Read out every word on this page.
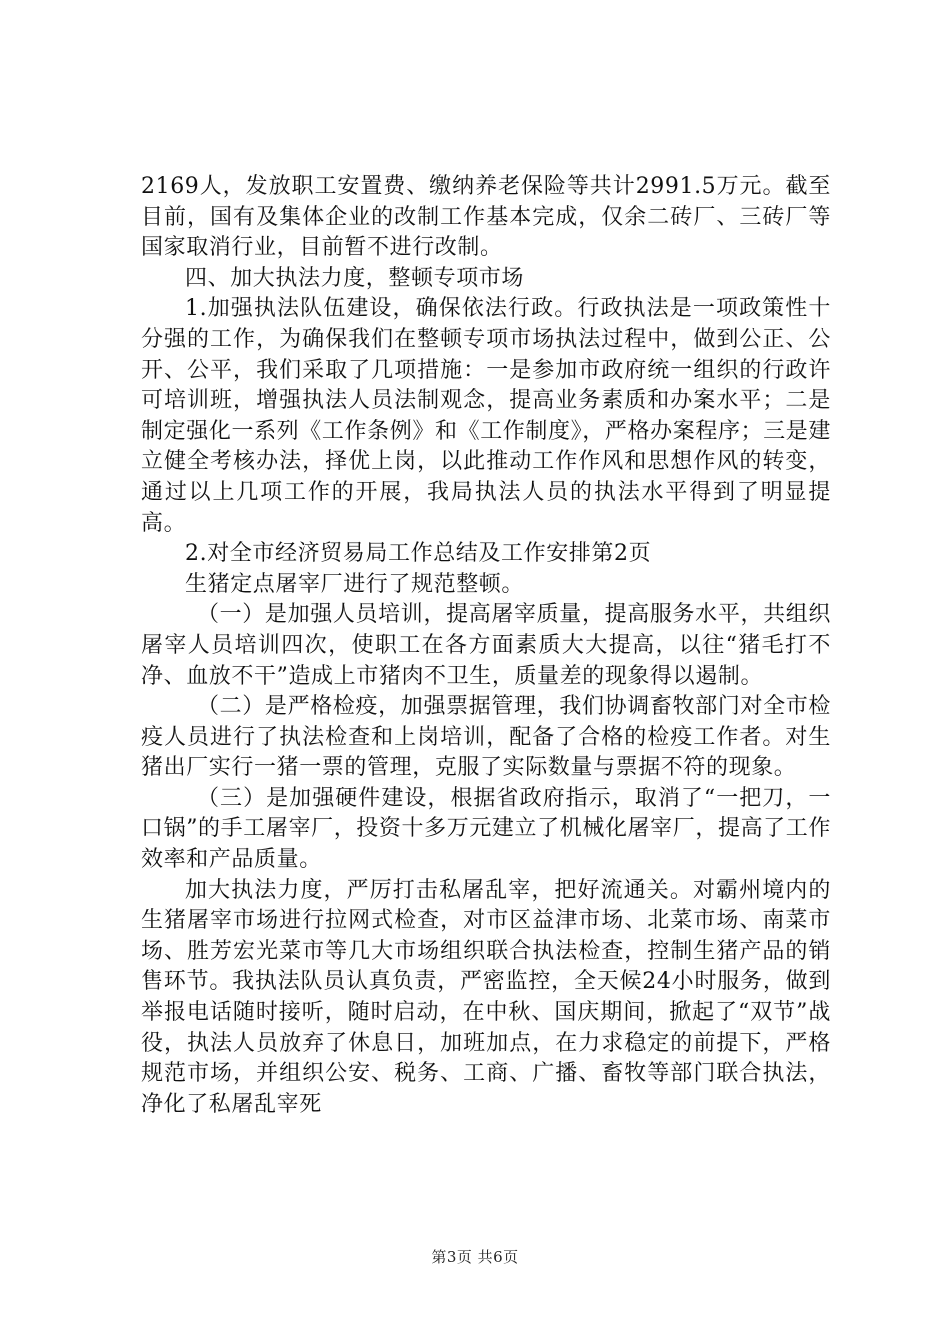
2169人，发放职工安置费、缴纳养老保险等共计2991.5万元。截至目前，国有及集体企业的改制工作基本完成，仅余二砖厂、三砖厂等国家取消行业，目前暂不进行改制。

四、加大执法力度，整顿专项市场

1.加强执法队伍建设，确保依法行政。行政执法是一项政策性十分强的工作，为确保我们在整顿专项市场执法过程中，做到公正、公开、公平，我们采取了几项措施：一是参加市政府统一组织的行政许可培训班，增强执法人员法制观念，提高业务素质和办案水平；二是制定强化一系列《工作条例》和《工作制度》，严格办案程序；三是建立健全考核办法，择优上岗，以此推动工作作风和思想作风的转变，通过以上几项工作的开展，我局执法人员的执法水平得到了明显提高。

2.对全市经济贸易局工作总结及工作安排第2页

生猪定点屠宰厂进行了规范整顿。

（一）是加强人员培训，提高屠宰质量，提高服务水平，共组织屠宰人员培训四次，使职工在各方面素质大大提高，以往“猪毛打不净、血放不干”造成上市猪肉不卫生，质量差的现象得以遏制。

（二）是严格检疫，加强票据管理，我们协调畜牧部门对全市检疫人员进行了执法检查和上岗培训，配备了合格的检疫工作者。对生猪出厂实行一猪一票的管理，克服了实际数量与票据不符的现象。

（三）是加强硬件建设，根据省政府指示，取消了“一把刀，一口锅”的手工屠宰厂，投资十多万元建立了机械化屠宰厂，提高了工作效率和产品质量。

加大执法力度，严厉打击私屠乱宰，把好流通关。对霸州境内的生猪屠宰市场进行拉网式检查，对市区益津市场、北菜市场、南菜市场、胜芳宏光菜市等几大市场组织联合执法检查，控制生猪产品的销售环节。我执法队员认真负责，严密监控，全天候24小时服务，做到举报电话随时接听，随时启动，在中秋、国庆期间，掀起了“双节”战役，执法人员放弃了休息日，加班加点，在力求稳定的前提下，严格规范市场，并组织公安、税务、工商、广播、畜牧等部门联合执法，净化了私屠乱宰死

第3页 共6页
